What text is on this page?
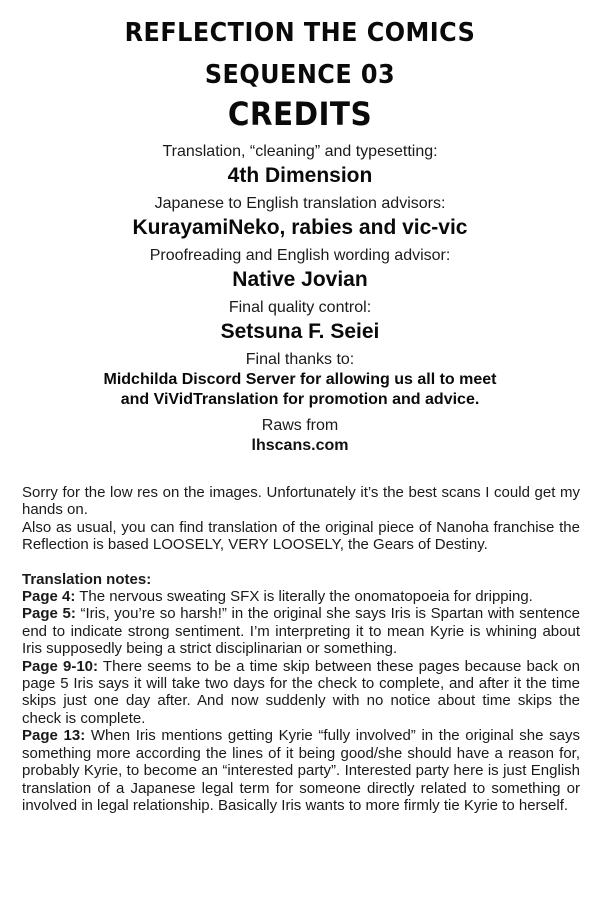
REFLECTION THE COMICS
SEQUENCE 03
CREDITS
Translation, “cleaning” and typesetting:
4th Dimension
Japanese to English translation advisors:
KurayamiNeko, rabies and vic-vic
Proofreading and English wording advisor:
Native Jovian
Final quality control:
Setsuna F. Seiei
Final thanks to:
Midchilda Discord Server for allowing us all to meet
and ViVidTranslation for promotion and advice.
Raws from
lhscans.com

Sorry for the low res on the images. Unfortunately it’s the best scans I could get my hands on.

Also as usual, you can find translation of the original piece of Nanoha franchise the Reflection is based LOOSELY, VERY LOOSELY, the Gears of Destiny.

Translation notes:

Page 4: The nervous sweating SFX is literally the onomatopoeia for dripping.

Page 5: “Iris, you’re so harsh!” in the original she says Iris is Spartan with sentence end to indicate strong sentiment. I’m interpreting it to mean Kyrie is whining about Iris supposedly being a strict disciplinarian or something.

Page 9-10: There seems to be a time skip between these pages because back on page 5 Iris says it will take two days for the check to complete, and after it the time skips just one day after. And now suddenly with no notice about time skips the check is complete.

Page 13: When Iris mentions getting Kyrie “fully involved” in the original she says something more according the lines of it being good/she should have a reason for, probably Kyrie, to become an “interested party”. Interested party here is just English translation of a Japanese legal term for someone directly related to something or involved in legal relationship. Basically Iris wants to more firmly tie Kyrie to herself.
